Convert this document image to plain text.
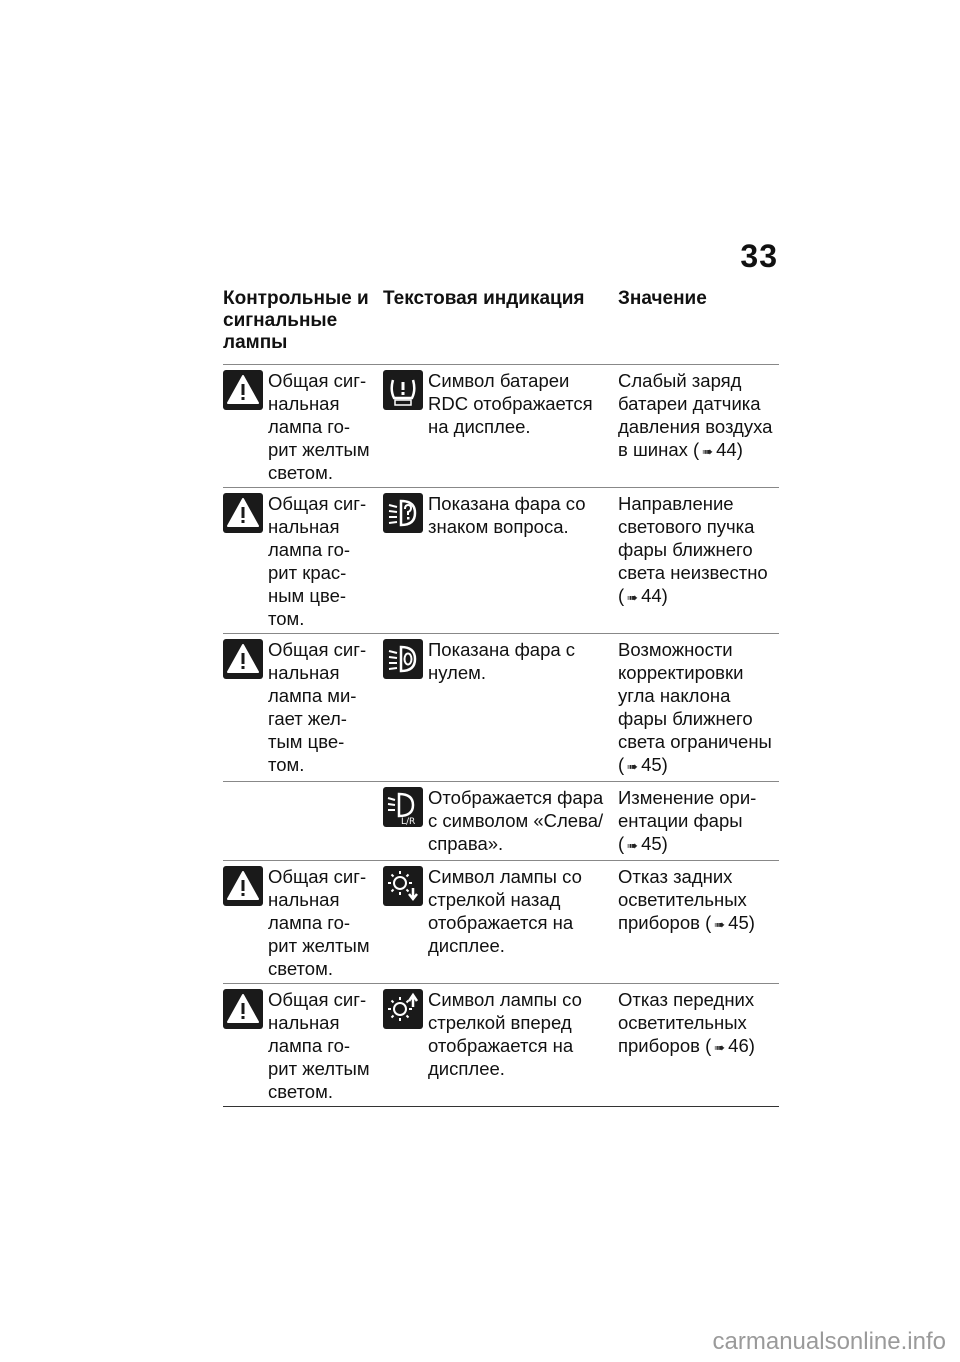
33
Контрольные и сигнальные лампы
Текстовая индикация	Значение
Общая сиг-нальная лампа го-рит желтым светом.
Символ батареи RDC отображается на дисплее.
Слабый заряд батареи датчика давления воздуха в шинах ( ➠ 44)
Общая сиг-нальная лампа го-рит крас-ным цве-том.
Показана фара со знаком вопроса.
Направление светового пучка фары ближнего света неизвестно ( ➠ 44)
Общая сиг-нальная лампа ми-гает жел-тым цве-том.
Показана фара с нулем.
Возможности корректировки угла наклона фары ближнего света ограничены ( ➠ 45)
L/R
Отображается фара с символом «Слева/справа».
Изменение ори-ентации фары ( ➠ 45)
Общая сиг-нальная лампа го-рит желтым светом.
Символ лампы со стрелкой назад отображается на дисплее.
Отказ задних осветительных приборов ( ➠ 45)
Общая сиг-нальная лампа го-рит желтым светом.
Символ лампы со стрелкой вперед отображается на дисплее.
Отказ передних осветительных приборов ( ➠ 46)
carmanualsonline.info
